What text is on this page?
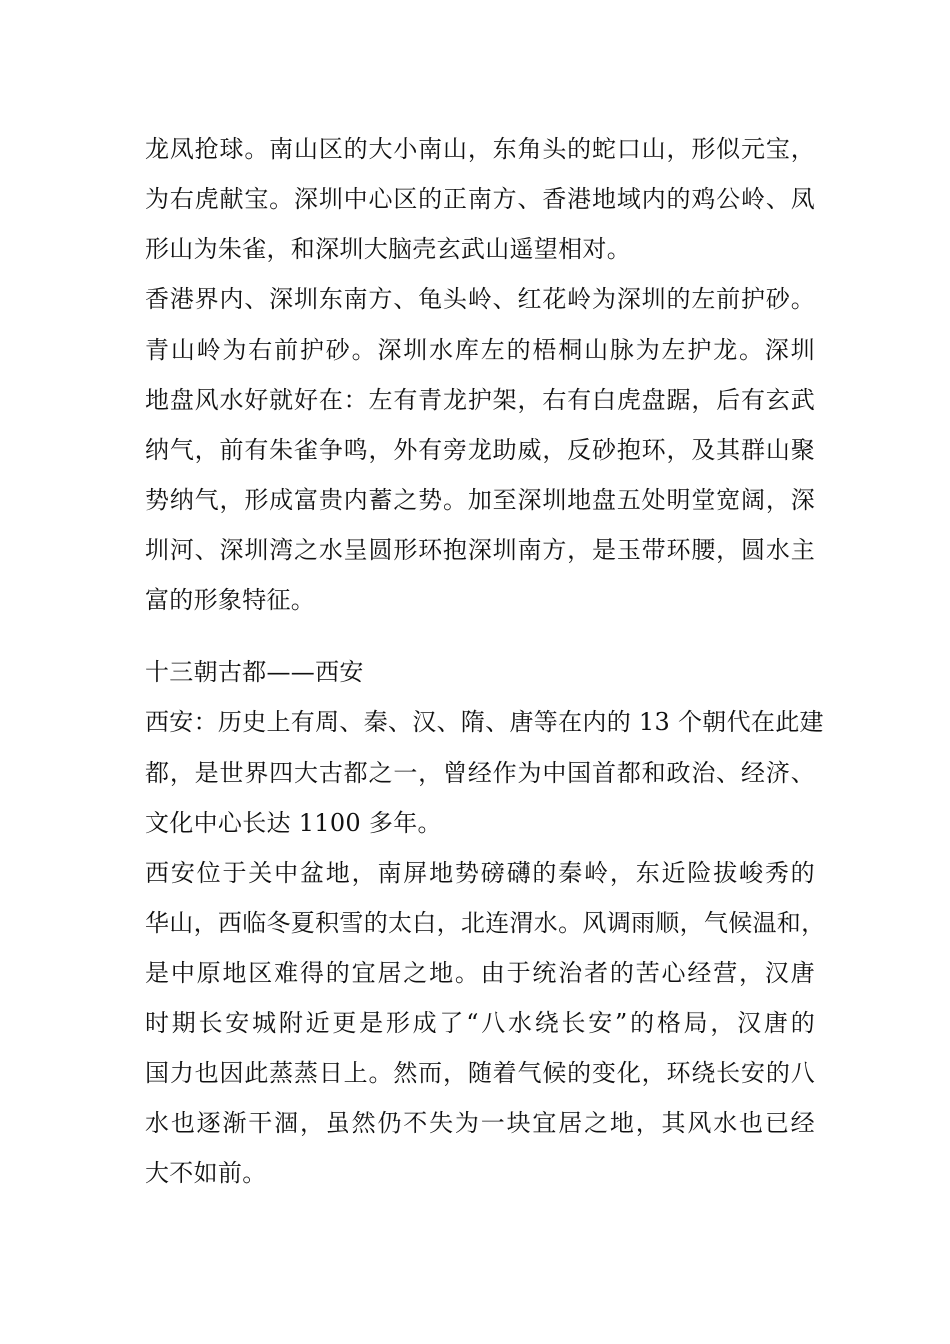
龙凤抢球。南山区的大小南山，东角头的蛇口山，形似元宝，
为右虎献宝。深圳中心区的正南方、香港地域内的鸡公岭、凤
形山为朱雀，和深圳大脑壳玄武山遥望相对。
香港界内、深圳东南方、龟头岭、红花岭为深圳的左前护砂。
青山岭为右前护砂。深圳水库左的梧桐山脉为左护龙。深圳
地盘风水好就好在：左有青龙护架，右有白虎盘踞，后有玄武
纳气，前有朱雀争鸣，外有旁龙助威，反砂抱环，及其群山聚
势纳气，形成富贵内蓄之势。加至深圳地盘五处明堂宽阔，深
圳河、深圳湾之水呈圆形环抱深圳南方，是玉带环腰，圆水主
富的形象特征。
十三朝古都——西安
西安：历史上有周、秦、汉、隋、唐等在内的 13 个朝代在此建
都，是世界四大古都之一，曾经作为中国首都和政治、经济、
文化中心长达 1100 多年。
西安位于关中盆地，南屏地势磅礴的秦岭，东近险拔峻秀的
华山，西临冬夏积雪的太白，北连渭水。风调雨顺，气候温和，
是中原地区难得的宜居之地。由于统治者的苦心经营，汉唐
时期长安城附近更是形成了“八水绕长安”的格局，汉唐的
国力也因此蒸蒸日上。然而，随着气候的变化，环绕长安的八
水也逐渐干涸，虽然仍不失为一块宜居之地，其风水也已经
大不如前。
